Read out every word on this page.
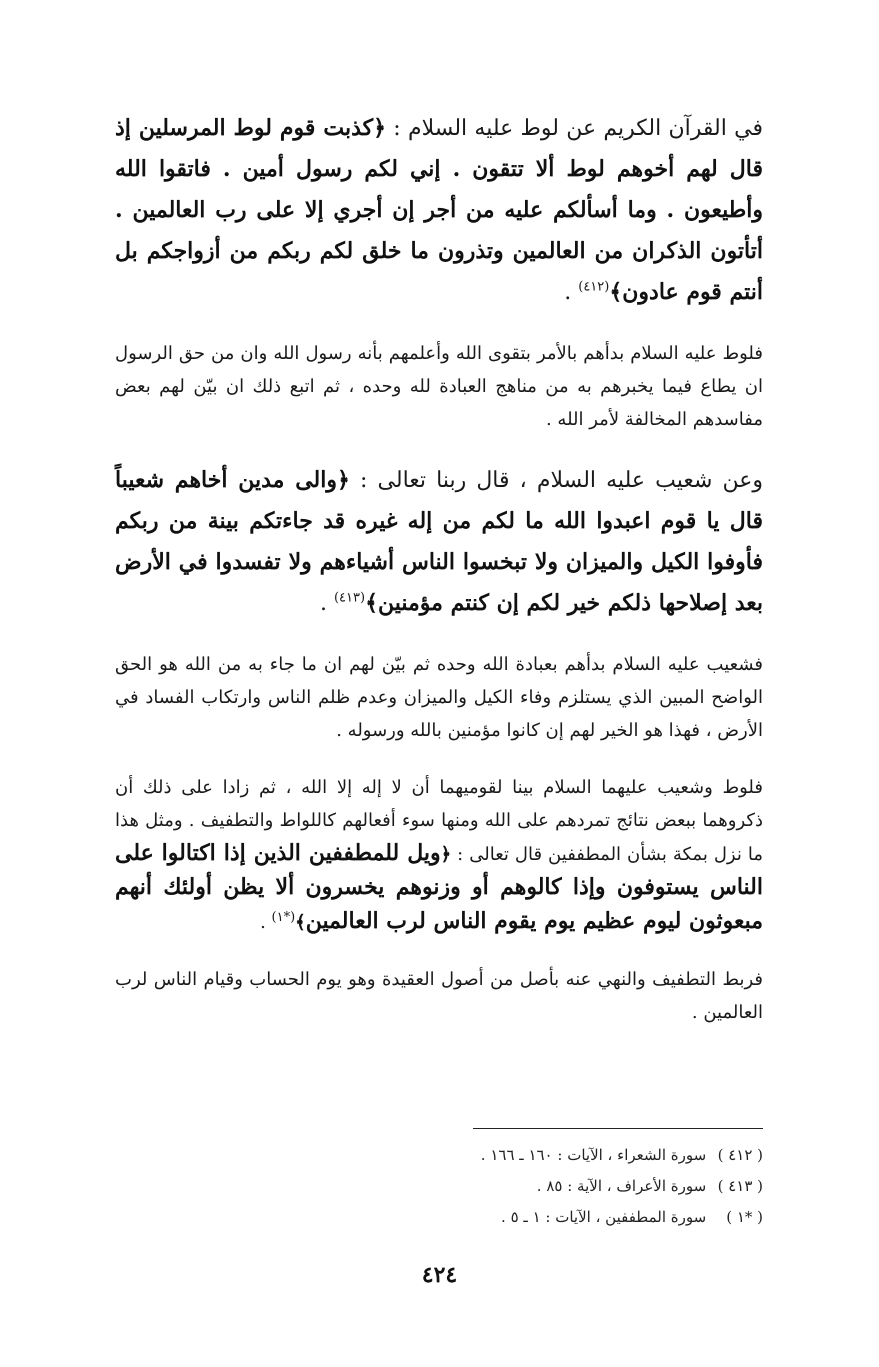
في القرآن الكريم عن لوط عليه السلام : ﴿كذبت قوم لوط المرسلين إذ قال لهم أخوهم لوط ألا تتقون . إني لكم رسول أمين . فاتقوا الله وأطيعون . وما أسألكم عليه من أجر إن أجري إلا على رب العالمين . أتأتون الذكران من العالمين وتذرون ما خلق لكم ربكم من أزواجكم بل أنتم قوم عادون﴾$^{(٤١٢)}$ .

فلوط عليه السلام بدأهم بالأمر بتقوى الله وأعلمهم بأنه رسول الله وان من حق الرسول ان يطاع فيما يخبرهم به من مناهج العبادة لله وحده ، ثم اتبع ذلك ان بيّن لهم بعض مفاسدهم المخالفة لأمر الله .

وعن شعيب عليه السلام ، قال ربنا تعالى : ﴿والى مدين أخاهم شعيباً قال يا قوم اعبدوا الله ما لكم من إله غيره قد جاءتكم بينة من ربكم فأوفوا الكيل والميزان ولا تبخسوا الناس أشياءهم ولا تفسدوا في الأرض بعد إصلاحها ذلكم خير لكم إن كنتم مؤمنين﴾$^{(٤١٣)}$ .

فشعيب عليه السلام بدأهم بعبادة الله وحده ثم بيّن لهم ان ما جاء به من الله هو الحق الواضح المبين الذي يستلزم وفاء الكيل والميزان وعدم ظلم الناس وارتكاب الفساد في الأرض ، فهذا هو الخير لهم إن كانوا مؤمنين بالله ورسوله .

فلوط وشعيب عليهما السلام بينا لقوميهما أن لا إله إلا الله ، ثم زادا على ذلك أن ذكروهما ببعض نتائج تمردهم على الله ومنها سوء أفعالهم كاللواط والتطفيف . ومثل هذا ما نزل بمكة بشأن المطففين قال تعالى : ﴿ويل للمطففين الذين إذا اكتالوا على الناس يستوفون وإذا كالوهم أو وزنوهم يخسرون ألا يظن أولئك أنهم مبعوثون ليوم عظيم يوم يقوم الناس لرب العالمين﴾$^{(*١)}$ .

فربط التطفيف والنهي عنه بأصل من أصول العقيدة وهو يوم الحساب وقيام الناس لرب العالمين .

( ٤١٢ ) سورة الشعراء ، الآيات : ١٦٠ ـ ١٦٦ .
( ٤١٣ ) سورة الأعراف ، الآية : ٨٥ .
( *١ ) سورة المطففين ، الآيات : ١ ـ ٥ .
٤٢٤
